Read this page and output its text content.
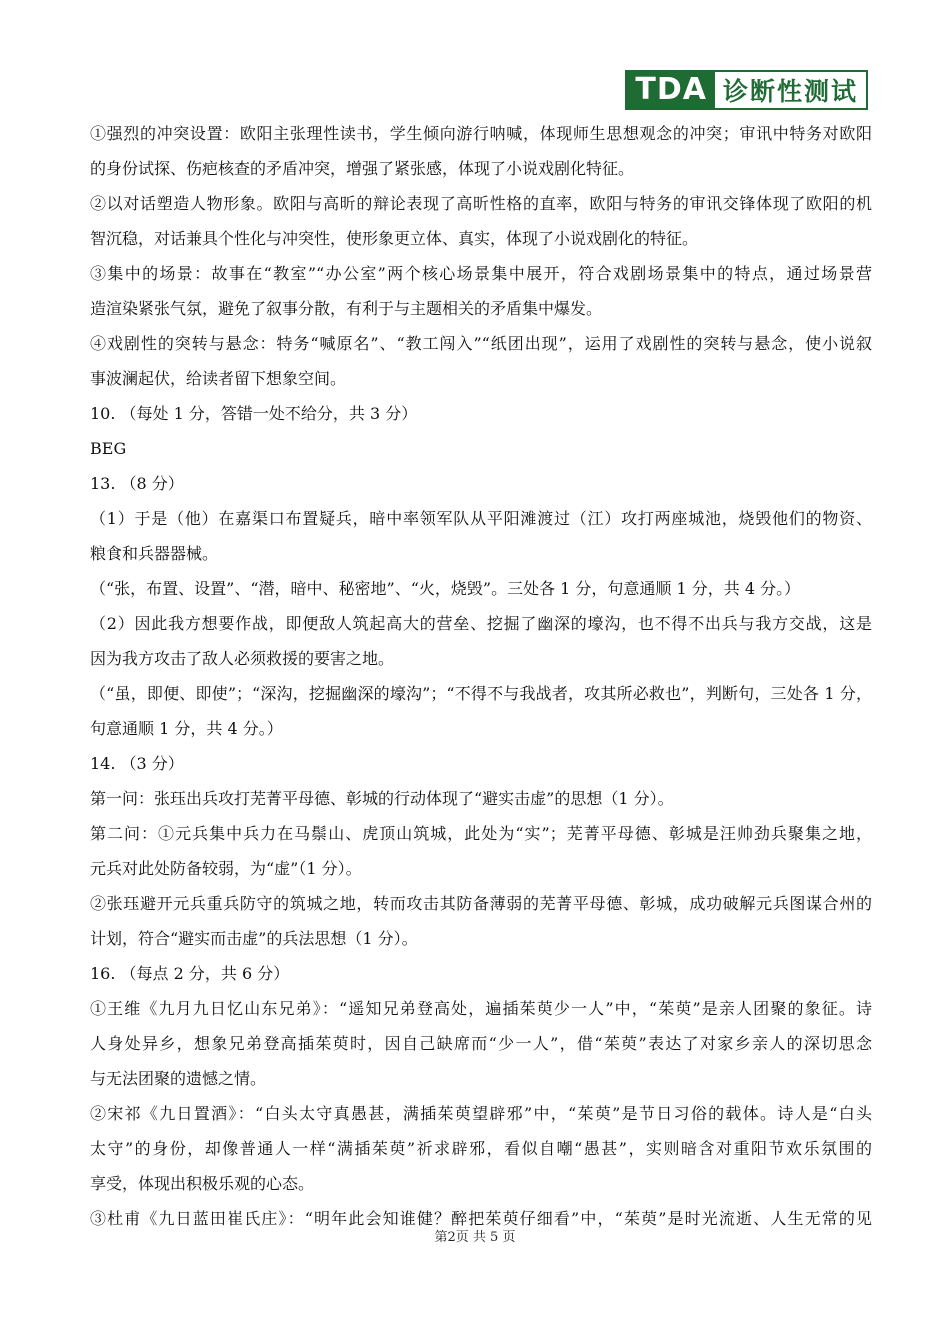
TDA 诊断性测试
①强烈的冲突设置：欧阳主张理性读书，学生倾向游行呐喊，体现师生思想观念的冲突；审讯中特务对欧阳
的身份试探、伤疤核查的矛盾冲突，增强了紧张感，体现了小说戏剧化特征。
②以对话塑造人物形象。欧阳与高昕的辩论表现了高昕性格的直率，欧阳与特务的审讯交锋体现了欧阳的机
智沉稳，对话兼具个性化与冲突性，使形象更立体、真实，体现了小说戏剧化的特征。
③集中的场景：故事在“教室”“办公室”两个核心场景集中展开，符合戏剧场景集中的特点，通过场景营
造渲染紧张气氛，避免了叙事分散，有利于与主题相关的矛盾集中爆发。
④戏剧性的突转与悬念：特务“喊原名”、“教工闯入”“纸团出现”，运用了戏剧性的突转与悬念，使小说叙
事波澜起伏，给读者留下想象空间。
10. （每处 1 分，答错一处不给分，共 3 分）
BEG
13. （8 分）
（1）于是（他）在嘉渠口布置疑兵，暗中率领军队从平阳滩渡过（江）攻打两座城池，烧毁他们的物资、
粮食和兵器器械。
（“张，布置、设置”、“潜，暗中、秘密地”、“火，烧毁”。三处各 1 分，句意通顺 1 分，共 4 分。）
（2）因此我方想要作战，即便敌人筑起高大的营垒、挖掘了幽深的壕沟，也不得不出兵与我方交战，这是
因为我方攻击了敌人必须救援的要害之地。
（“虽，即便、即使”；“深沟，挖掘幽深的壕沟”；“不得不与我战者，攻其所必救也”，判断句，三处各 1 分，
句意通顺 1 分，共 4 分。）
14. （3 分）
第一问：张珏出兵攻打芜菁平母德、彰城的行动体现了“避实击虚”的思想（1 分）。
第二问：①元兵集中兵力在马鬃山、虎顶山筑城，此处为“实”；芜菁平母德、彰城是汪帅劲兵聚集之地，
元兵对此处防备较弱，为“虚”（1 分）。
②张珏避开元兵重兵防守的筑城之地，转而攻击其防备薄弱的芜菁平母德、彰城，成功破解元兵图谋合州的
计划，符合“避实而击虚”的兵法思想（1 分）。
16. （每点 2 分，共 6 分）
①王维《九月九日忆山东兄弟》：“遥知兄弟登高处，遍插茱萸少一人”中，“茱萸”是亲人团聚的象征。诗
人身处异乡，想象兄弟登高插茱萸时，因自己缺席而“少一人”，借“茱萸”表达了对家乡亲人的深切思念
与无法团聚的遗憾之情。
②宋祁《九日置酒》：“白头太守真愚甚，满插茱萸望辟邪”中，“茱萸”是节日习俗的载体。诗人是“白头
太守”的身份，却像普通人一样“满插茱萸”祈求辟邪，看似自嘲“愚甚”，实则暗含对重阳节欢乐氛围的
享受，体现出积极乐观的心态。
③杜甫《九日蓝田崔氏庄》：“明年此会知谁健？醉把茱萸仔细看”中，“茱萸”是时光流逝、人生无常的见
第2页 共 5 页
